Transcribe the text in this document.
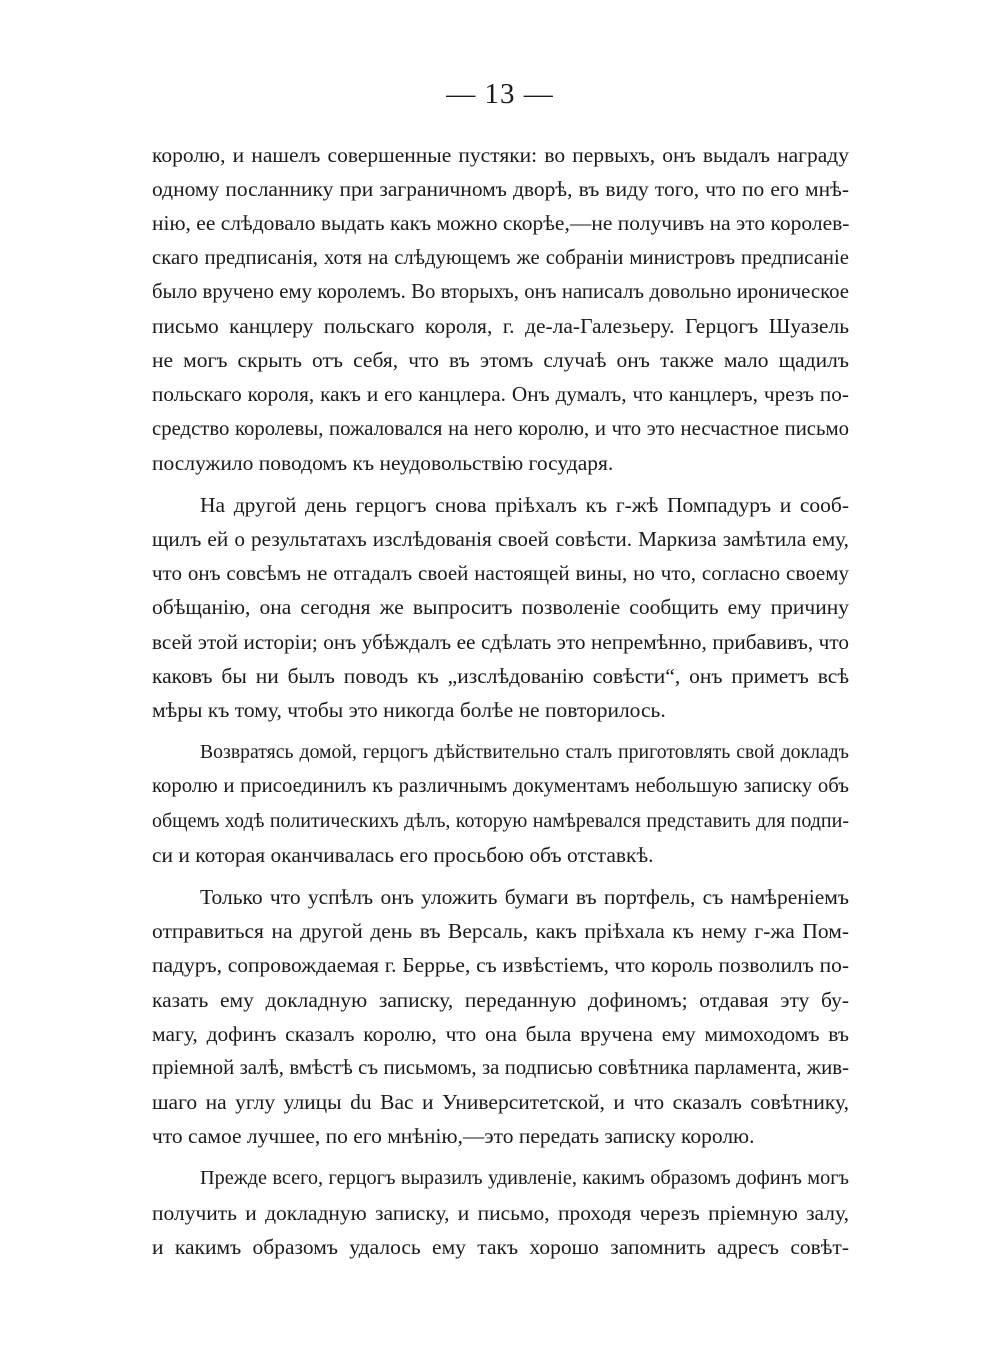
— 13 —
королю, и нашелъ совершенные пустяки: во первыхъ, онъ выдалъ награду
одному посланнику при заграничномъ дворѣ, въ виду того, что по его мнѣ-
нію, ее слѣдовало выдать какъ можно скорѣе,—не получивъ на это королев-
скаго предписанія, хотя на слѣдующемъ же собраніи министровъ предписаніе
было вручено ему королемъ. Во вторыхъ, онъ написалъ довольно ироническое
письмо канцлеру польскаго короля, г. де-ла-Галезьеру. Герцогъ Шуазель
не могъ скрыть отъ себя, что въ этомъ случаѣ онъ также мало щадилъ
польскаго короля, какъ и его канцлера. Онъ думалъ, что канцлеръ, чрезъ по-
средство королевы, пожаловался на него королю, и что это несчастное письмо
послужило поводомъ къ неудовольствію государя.
На другой день герцогъ снова пріѣхалъ къ г-жѣ Помпадуръ и сооб-
щилъ ей о результатахъ изслѣдованія своей совѣсти. Маркиза замѣтила ему,
что онъ совсѣмъ не отгадалъ своей настоящей вины, но что, согласно своему
обѣщанію, она сегодня же выпроситъ позволеніе сообщить ему причину
всей этой исторіи; онъ убѣждалъ ее сдѣлать это непремѣнно, прибавивъ, что
каковъ бы ни былъ поводъ къ „изслѣдованію совѣсти“, онъ приметъ всѣ
мѣры къ тому, чтобы это никогда болѣе не повторилось.
Возвратясь домой, герцогъ дѣйствительно сталъ приготовлять свой докладъ
королю и присоединилъ къ различнымъ документамъ небольшую записку объ
общемъ ходѣ политическихъ дѣлъ, которую намѣревался представить для подпи-
си и которая оканчивалась его просьбою объ отставкѣ.
Только что успѣлъ онъ уложить бумаги въ портфель, съ намѣреніемъ
отправиться на другой день въ Версаль, какъ пріѣхала къ нему г-жа Пом-
падуръ, сопровождаемая г. Беррье, съ извѣстіемъ, что король позволилъ по-
казать ему докладную записку, переданную дофиномъ; отдавая эту бу-
магу, дофинъ сказалъ королю, что она была вручена ему мимоходомъ въ
пріемной залѣ, вмѣстѣ съ письмомъ, за подписью совѣтника парламента, жив-
шаго на углу улицы du Bac и Университетской, и что сказалъ совѣтнику,
что самое лучшее, по его мнѣнію,—это передать записку королю.
Прежде всего, герцогъ выразилъ удивленіе, какимъ образомъ дофинъ могъ
получить и докладную записку, и письмо, проходя черезъ пріемную залу,
и какимъ образомъ удалось ему такъ хорошо запомнить адресъ совѣт-
